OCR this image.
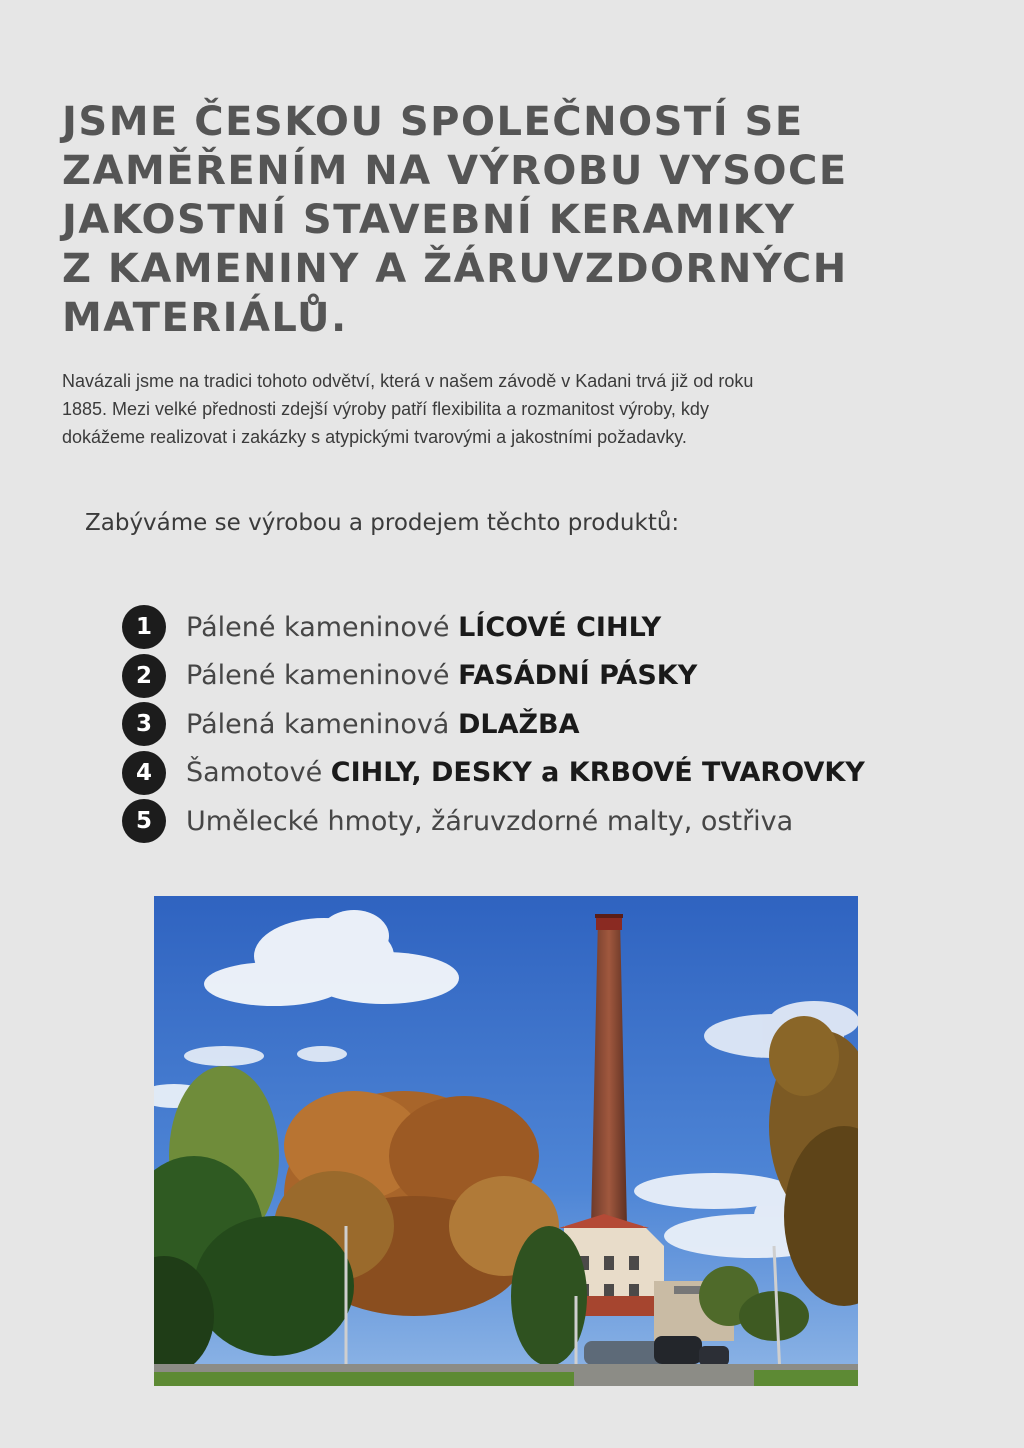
JSME ČESKOU SPOLEČNOSTÍ SE
ZAMĚŘENÍM NA VÝROBU VYSOCE
JAKOSTNÍ STAVEBNÍ KERAMIKY
Z KAMENINY A ŽÁRUVZDORNÝCH
MATERIÁLŮ.
Navázali jsme na tradici tohoto odvětví, která v našem závodě v Kadani trvá již od roku
1885. Mezi velké přednosti zdejší výroby patří flexibilita a rozmanitost výroby, kdy
dokážeme realizovat i zakázky s atypickými tvarovými a jakostními požadavky.
Zabýváme se výrobou a prodejem těchto produktů:
1	Pálené kameninové LÍCOVÉ CIHLY
2	Pálené kameninové FASÁDNÍ PÁSKY
3	Pálená kameninová DLAŽBA
4	Šamotové CIHLY, DESKY a KRBOVÉ TVAROVKY
5	Umělecké hmoty, žáruvzdorné malty, ostřiva
